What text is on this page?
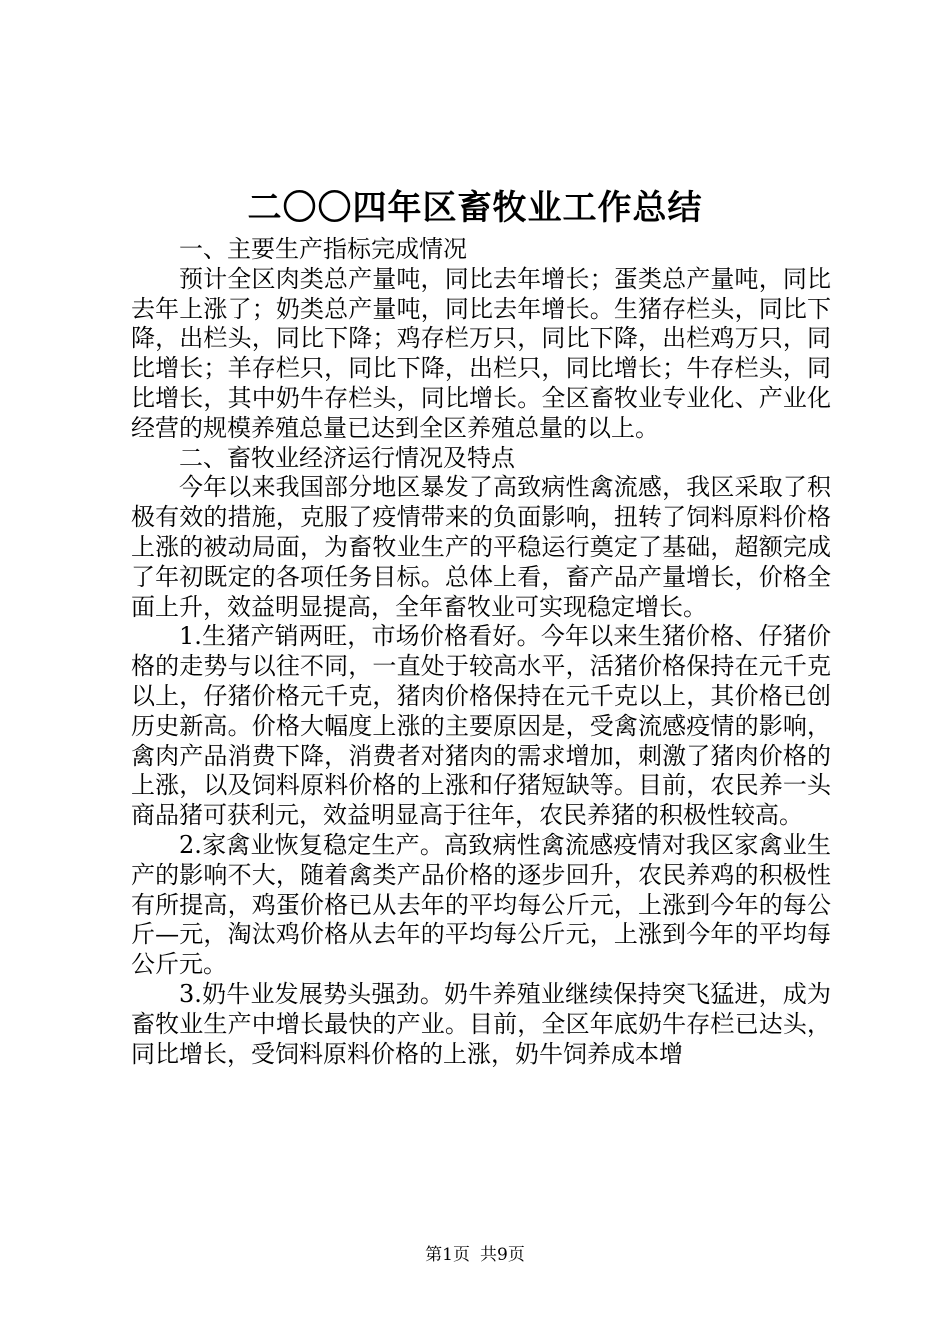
二〇〇四年区畜牧业工作总结

一、主要生产指标完成情况

预计全区肉类总产量吨，同比去年增长；蛋类总产量吨，同比去年上涨了；奶类总产量吨，同比去年增长。生猪存栏头，同比下降，出栏头，同比下降；鸡存栏万只，同比下降，出栏鸡万只，同比增长；羊存栏只，同比下降，出栏只，同比增长；牛存栏头，同比增长，其中奶牛存栏头，同比增长。全区畜牧业专业化、产业化经营的规模养殖总量已达到全区养殖总量的以上。

二、畜牧业经济运行情况及特点

今年以来我国部分地区暴发了高致病性禽流感，我区采取了积极有效的措施，克服了疫情带来的负面影响，扭转了饲料原料价格上涨的被动局面，为畜牧业生产的平稳运行奠定了基础，超额完成了年初既定的各项任务目标。总体上看，畜产品产量增长，价格全面上升，效益明显提高，全年畜牧业可实现稳定增长。

1.生猪产销两旺，市场价格看好。今年以来生猪价格、仔猪价格的走势与以往不同，一直处于较高水平，活猪价格保持在元千克以上，仔猪价格元千克，猪肉价格保持在元千克以上，其价格已创历史新高。价格大幅度上涨的主要原因是，受禽流感疫情的影响，禽肉产品消费下降，消费者对猪肉的需求增加，刺激了猪肉价格的上涨，以及饲料原料价格的上涨和仔猪短缺等。目前，农民养一头商品猪可获利元，效益明显高于往年，农民养猪的积极性较高。

2.家禽业恢复稳定生产。高致病性禽流感疫情对我区家禽业生产的影响不大，随着禽类产品价格的逐步回升，农民养鸡的积极性有所提高，鸡蛋价格已从去年的平均每公斤元，上涨到今年的每公斤—元，淘汰鸡价格从去年的平均每公斤元，上涨到今年的平均每公斤元。

3.奶牛业发展势头强劲。奶牛养殖业继续保持突飞猛进，成为畜牧业生产中增长最快的产业。目前，全区年底奶牛存栏已达头，同比增长，受饲料原料价格的上涨，奶牛饲养成本增

第1页 共9页
